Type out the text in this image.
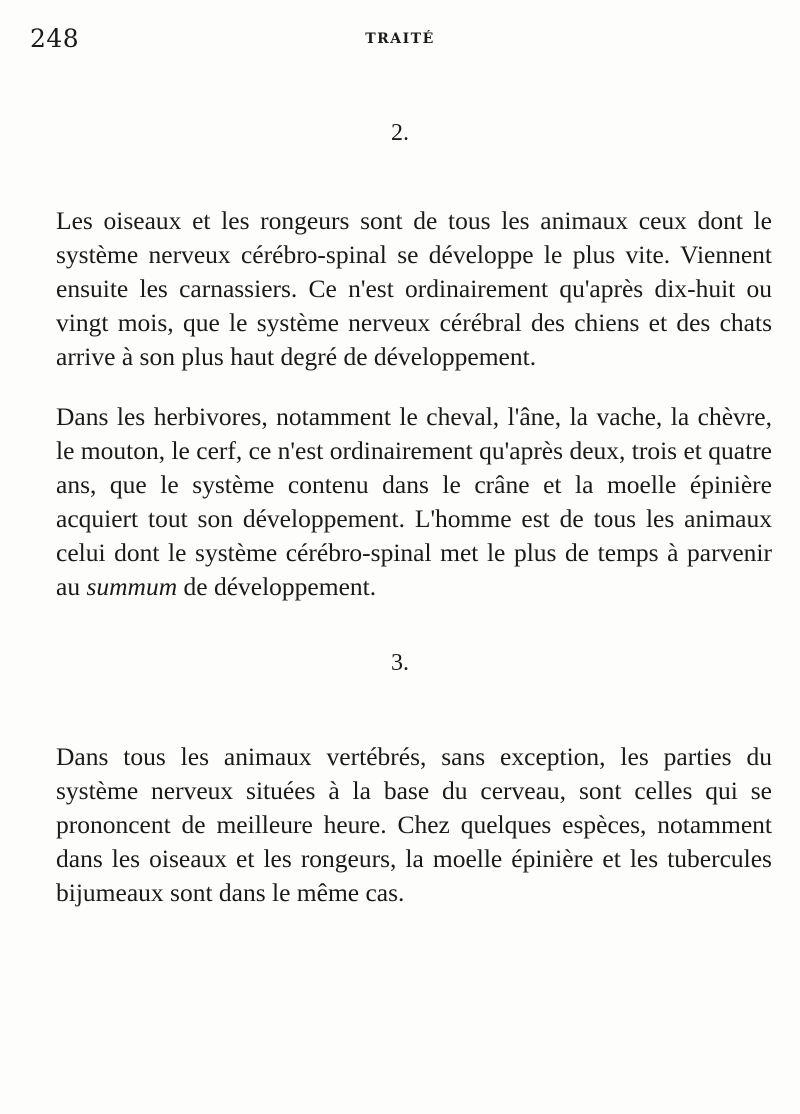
248	TRAITÉ
2.

Les oiseaux et les rongeurs sont de tous les animaux ceux dont le système nerveux cérébro-spinal se développe le plus vite. Viennent ensuite les carnassiers. Ce n'est ordinairement qu'après dix-huit ou vingt mois, que le système nerveux cérébral des chiens et des chats arrive à son plus haut degré de développement.

Dans les herbivores, notamment le cheval, l'âne, la vache, la chèvre, le mouton, le cerf, ce n'est ordinairement qu'après deux, trois et quatre ans, que le système contenu dans le crâne et la moelle épinière acquiert tout son développement. L'homme est de tous les animaux celui dont le système cérébro-spinal met le plus de temps à parvenir au summum de développement.

3.

Dans tous les animaux vertébrés, sans exception, les parties du système nerveux situées à la base du cerveau, sont celles qui se prononcent de meilleure heure. Chez quelques espèces, notamment dans les oiseaux et les rongeurs, la moelle épinière et les tubercules bijumeaux sont dans le même cas.
